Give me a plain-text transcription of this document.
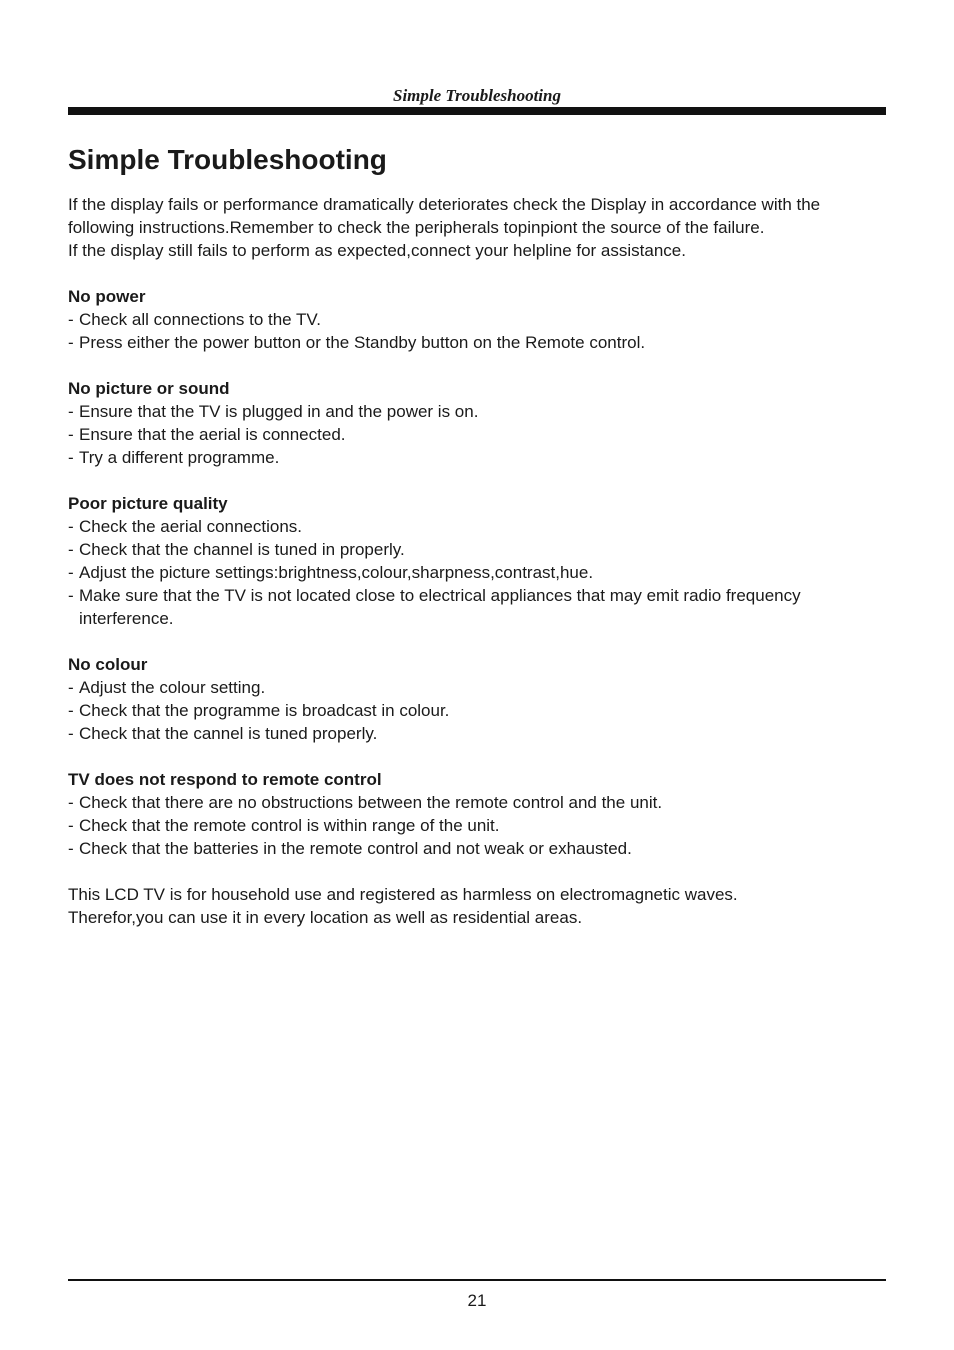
Simple Troubleshooting
Simple Troubleshooting

If the display fails or performance dramatically deteriorates check the Display in accordance with the following instructions.Remember to check the peripherals topinpiont the source of the failure.

If the display still fails to perform as expected,connect your helpline for assistance.

No power

- Check all connections to the TV.
- Press either the power button or the Standby button on the Remote control.

No picture or sound

- Ensure that the TV is plugged in and the power is on.
- Ensure that the aerial is connected.
- Try a different programme.

Poor picture quality

- Check the aerial connections.
- Check that the channel is tuned in properly.
- Adjust the picture settings:brightness,colour,sharpness,contrast,hue.
- Make sure that the TV is not located close to electrical appliances that may emit radio frequency interference.

No colour

- Adjust the colour setting.
- Check that the programme is broadcast in colour.
- Check that the cannel is tuned properly.

TV does not respond to remote control

- Check that there are no obstructions between the remote control and the unit.
- Check that the remote control is within range of the unit.
- Check that the batteries in the remote control and not weak or exhausted.

This LCD TV is for household use and registered as harmless on electromagnetic waves.

Therefor,you can use it in every location as well as residential areas.

21
